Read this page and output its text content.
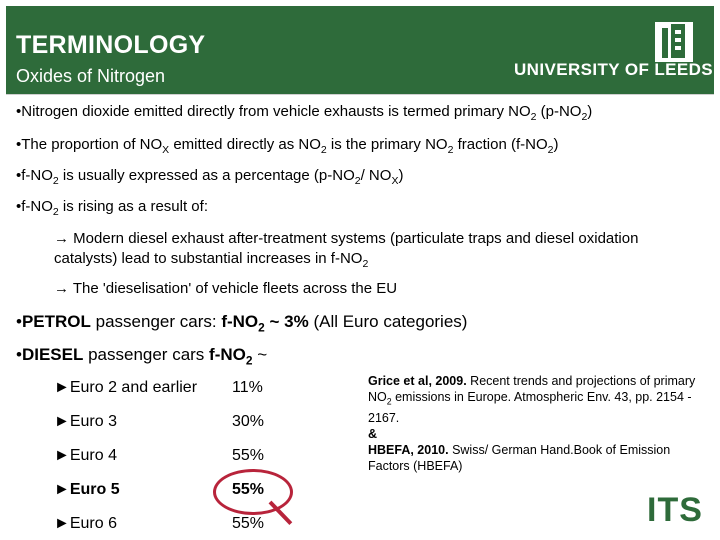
TERMINOLOGY
Oxides of Nitrogen	UNIVERSITY OF LEEDS
•Nitrogen dioxide emitted directly from vehicle exhausts is termed primary $NO_2$ $(p-NO_2)$
•The proportion of $NO_X$ emitted directly as $NO_2$ is the primary $NO_2$ fraction $(f-NO_2)$
$•f-NO_2$ is usually expressed as a percentage ($p-NO_2/$ $NO_X$)
$•f-NO_2$ is rising as a result of:
→ Modern diesel exhaust after-treatment systems (particulate traps and diesel oxidation catalysts) lead to substantial increases in $f-NO_2$
→ The 'dieselisation' of vehicle fleets across the EU
•PETROL passenger cars: $f-NO_2$ ~ 3% (All Euro categories)
•DIESEL passenger cars $f-NO_2$ ~
►Euro 2 and earlier 11%
►Euro 3	30%
►Euro 4	55%
►Euro 5	55%
►Euro 6	55%
Grice et al, 2009. Recent trends and projections of primary $NO_2$ emissions in Europe. Atmospheric Env. 43, pp. 2154 - 2167.
&
HBEFA, 2010. Swiss/ German Hand.Book of Emission Factors (HBEFA)
ITS
